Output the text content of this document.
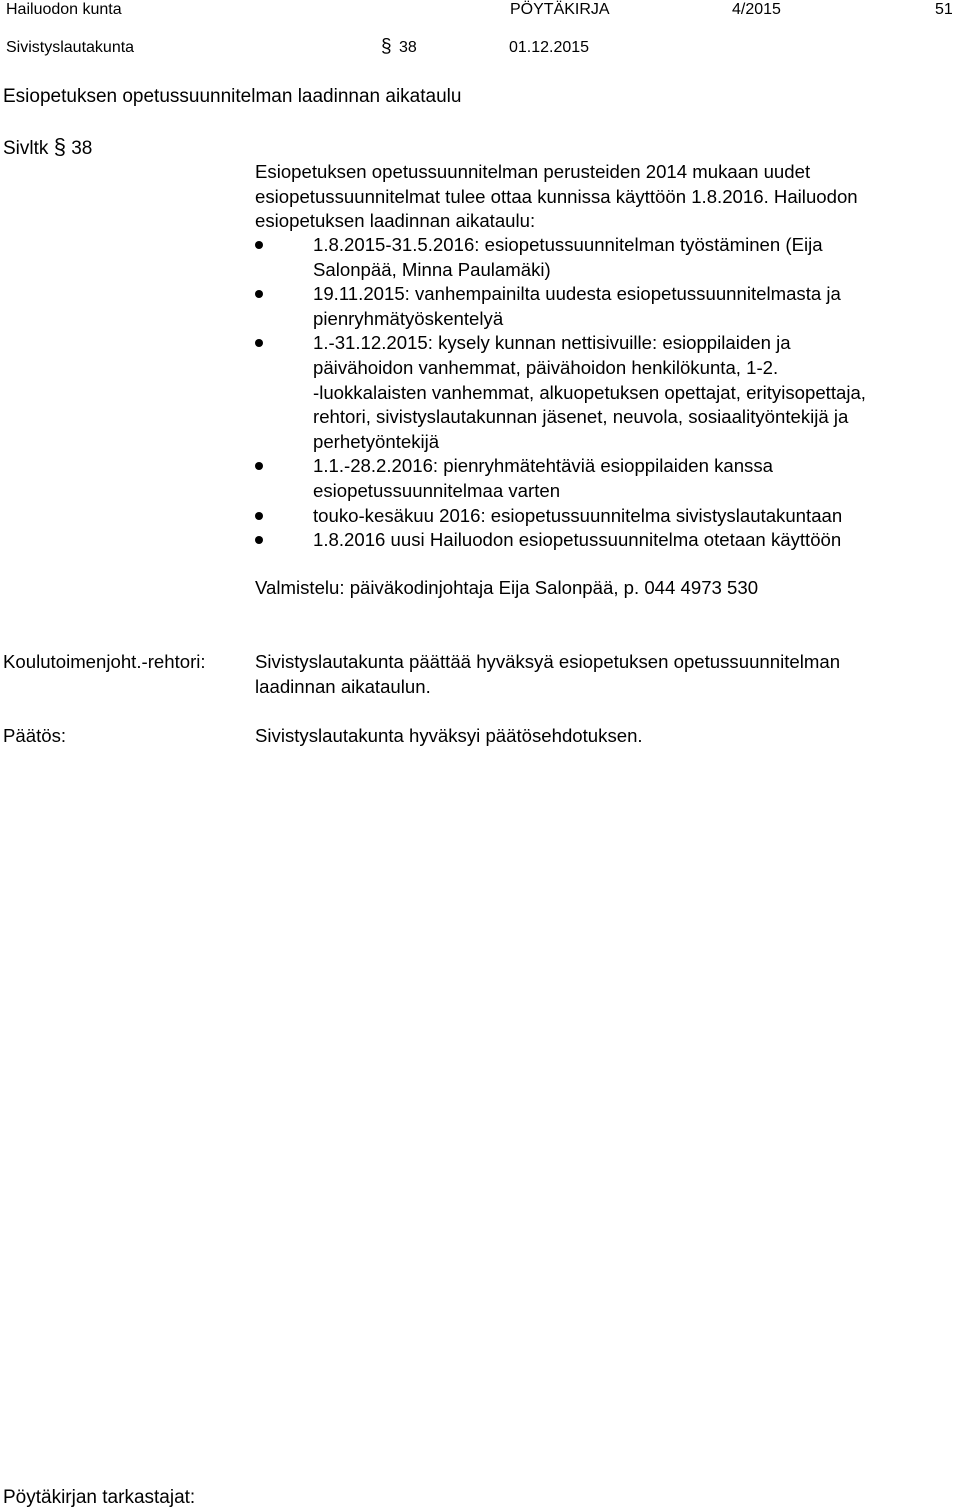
Hailuodon kunta	PÖYTÄKIRJA	4/2015	51
Sivistyslautakunta	§ 38	01.12.2015
Esiopetuksen opetussuunnitelman laadinnan aikataulu
Sivltk § 38
Esiopetuksen opetussuunnitelman perusteiden 2014 mukaan uudet
esiopetussuunnitelmat tulee ottaa kunnissa käyttöön 1.8.2016. Hailuodon
esiopetuksen laadinnan aikataulu:
1.8.2015-31.5.2016: esiopetussuunnitelman työstäminen (Eija
Salonpää, Minna Paulamäki)
19.11.2015: vanhempainilta uudesta esiopetussuunnitelmasta ja
pienryhmätyöskentelyä
1.-31.12.2015: kysely kunnan nettisivuille: esioppilaiden ja
päivähoidon vanhemmat, päivähoidon henkilökunta, 1-2.
-luokkalaisten vanhemmat, alkuopetuksen opettajat, erityisopettaja,
rehtori, sivistyslautakunnan jäsenet, neuvola, sosiaalityöntekijä ja
perhetyöntekijä
1.1.-28.2.2016: pienryhmätehtäviä esioppilaiden kanssa
esiopetussuunnitelmaa varten
touko-kesäkuu 2016: esiopetussuunnitelma sivistyslautakuntaan
1.8.2016 uusi Hailuodon esiopetussuunnitelma otetaan käyttöön
Valmistelu: päiväkodinjohtaja Eija Salonpää, p. 044 4973 530
Koulutoimenjoht.-rehtori:	Sivistyslautakunta päättää hyväksyä esiopetuksen opetussuunnitelman
laadinnan aikataulun.
Päätös:	Sivistyslautakunta hyväksyi päätösehdotuksen.
Pöytäkirjan tarkastajat:
